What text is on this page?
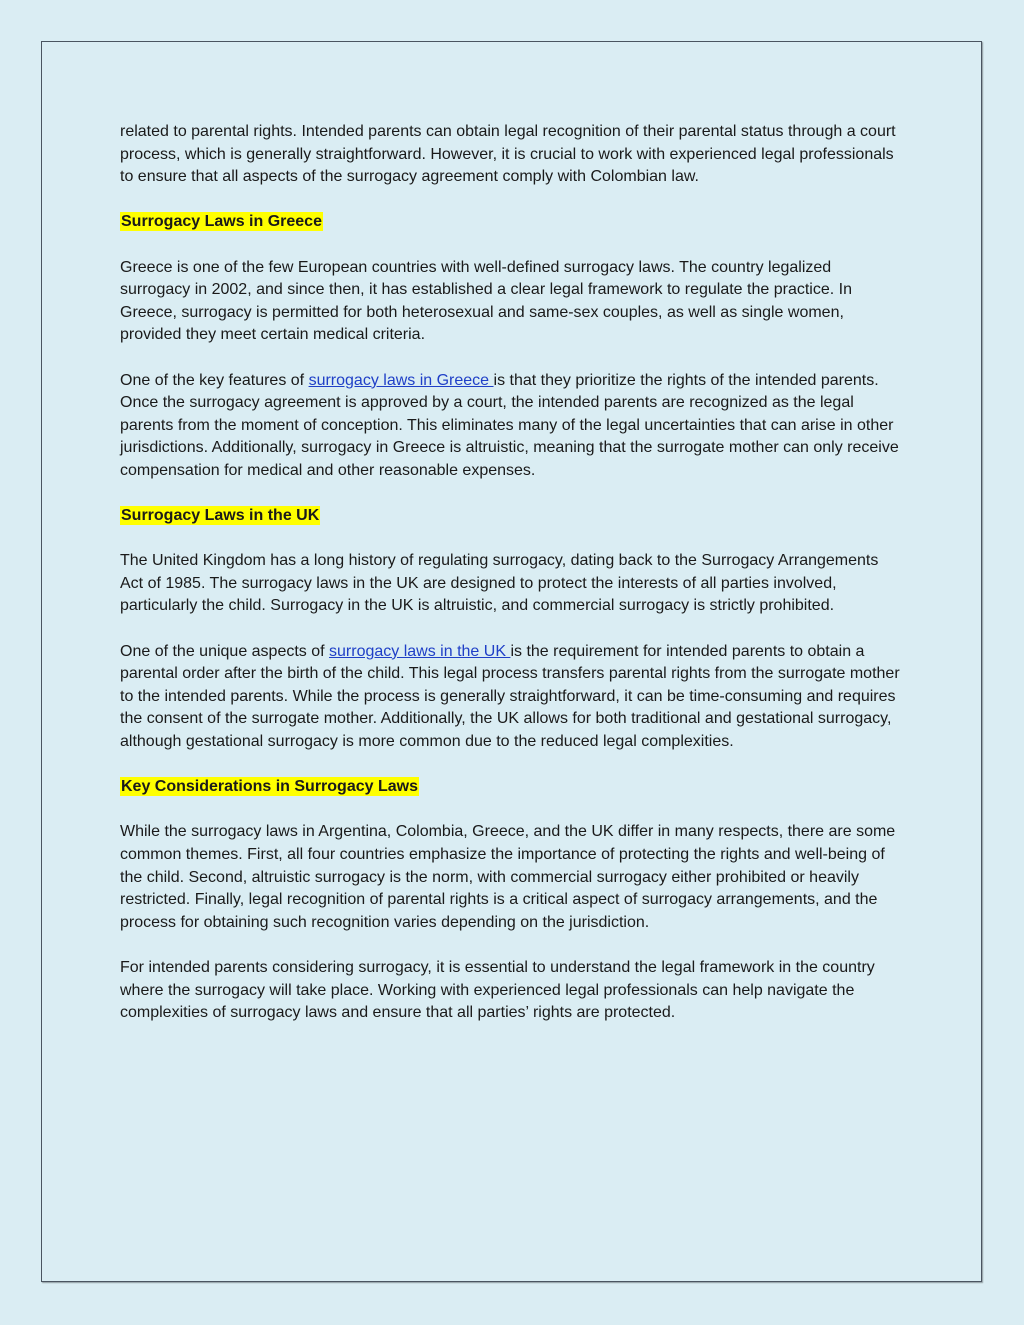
related to parental rights. Intended parents can obtain legal recognition of their parental status through a court process, which is generally straightforward. However, it is crucial to work with experienced legal professionals to ensure that all aspects of the surrogacy agreement comply with Colombian law.

Surrogacy Laws in Greece

Greece is one of the few European countries with well-defined surrogacy laws. The country legalized surrogacy in 2002, and since then, it has established a clear legal framework to regulate the practice. In Greece, surrogacy is permitted for both heterosexual and same-sex couples, as well as single women, provided they meet certain medical criteria.

One of the key features of surrogacy laws in Greece is that they prioritize the rights of the intended parents. Once the surrogacy agreement is approved by a court, the intended parents are recognized as the legal parents from the moment of conception. This eliminates many of the legal uncertainties that can arise in other jurisdictions. Additionally, surrogacy in Greece is altruistic, meaning that the surrogate mother can only receive compensation for medical and other reasonable expenses.

Surrogacy Laws in the UK

The United Kingdom has a long history of regulating surrogacy, dating back to the Surrogacy Arrangements Act of 1985. The surrogacy laws in the UK are designed to protect the interests of all parties involved, particularly the child. Surrogacy in the UK is altruistic, and commercial surrogacy is strictly prohibited.

One of the unique aspects of surrogacy laws in the UK is the requirement for intended parents to obtain a parental order after the birth of the child. This legal process transfers parental rights from the surrogate mother to the intended parents. While the process is generally straightforward, it can be time-consuming and requires the consent of the surrogate mother. Additionally, the UK allows for both traditional and gestational surrogacy, although gestational surrogacy is more common due to the reduced legal complexities.

Key Considerations in Surrogacy Laws

While the surrogacy laws in Argentina, Colombia, Greece, and the UK differ in many respects, there are some common themes. First, all four countries emphasize the importance of protecting the rights and well-being of the child. Second, altruistic surrogacy is the norm, with commercial surrogacy either prohibited or heavily restricted. Finally, legal recognition of parental rights is a critical aspect of surrogacy arrangements, and the process for obtaining such recognition varies depending on the jurisdiction.

For intended parents considering surrogacy, it is essential to understand the legal framework in the country where the surrogacy will take place. Working with experienced legal professionals can help navigate the complexities of surrogacy laws and ensure that all parties’ rights are protected.
